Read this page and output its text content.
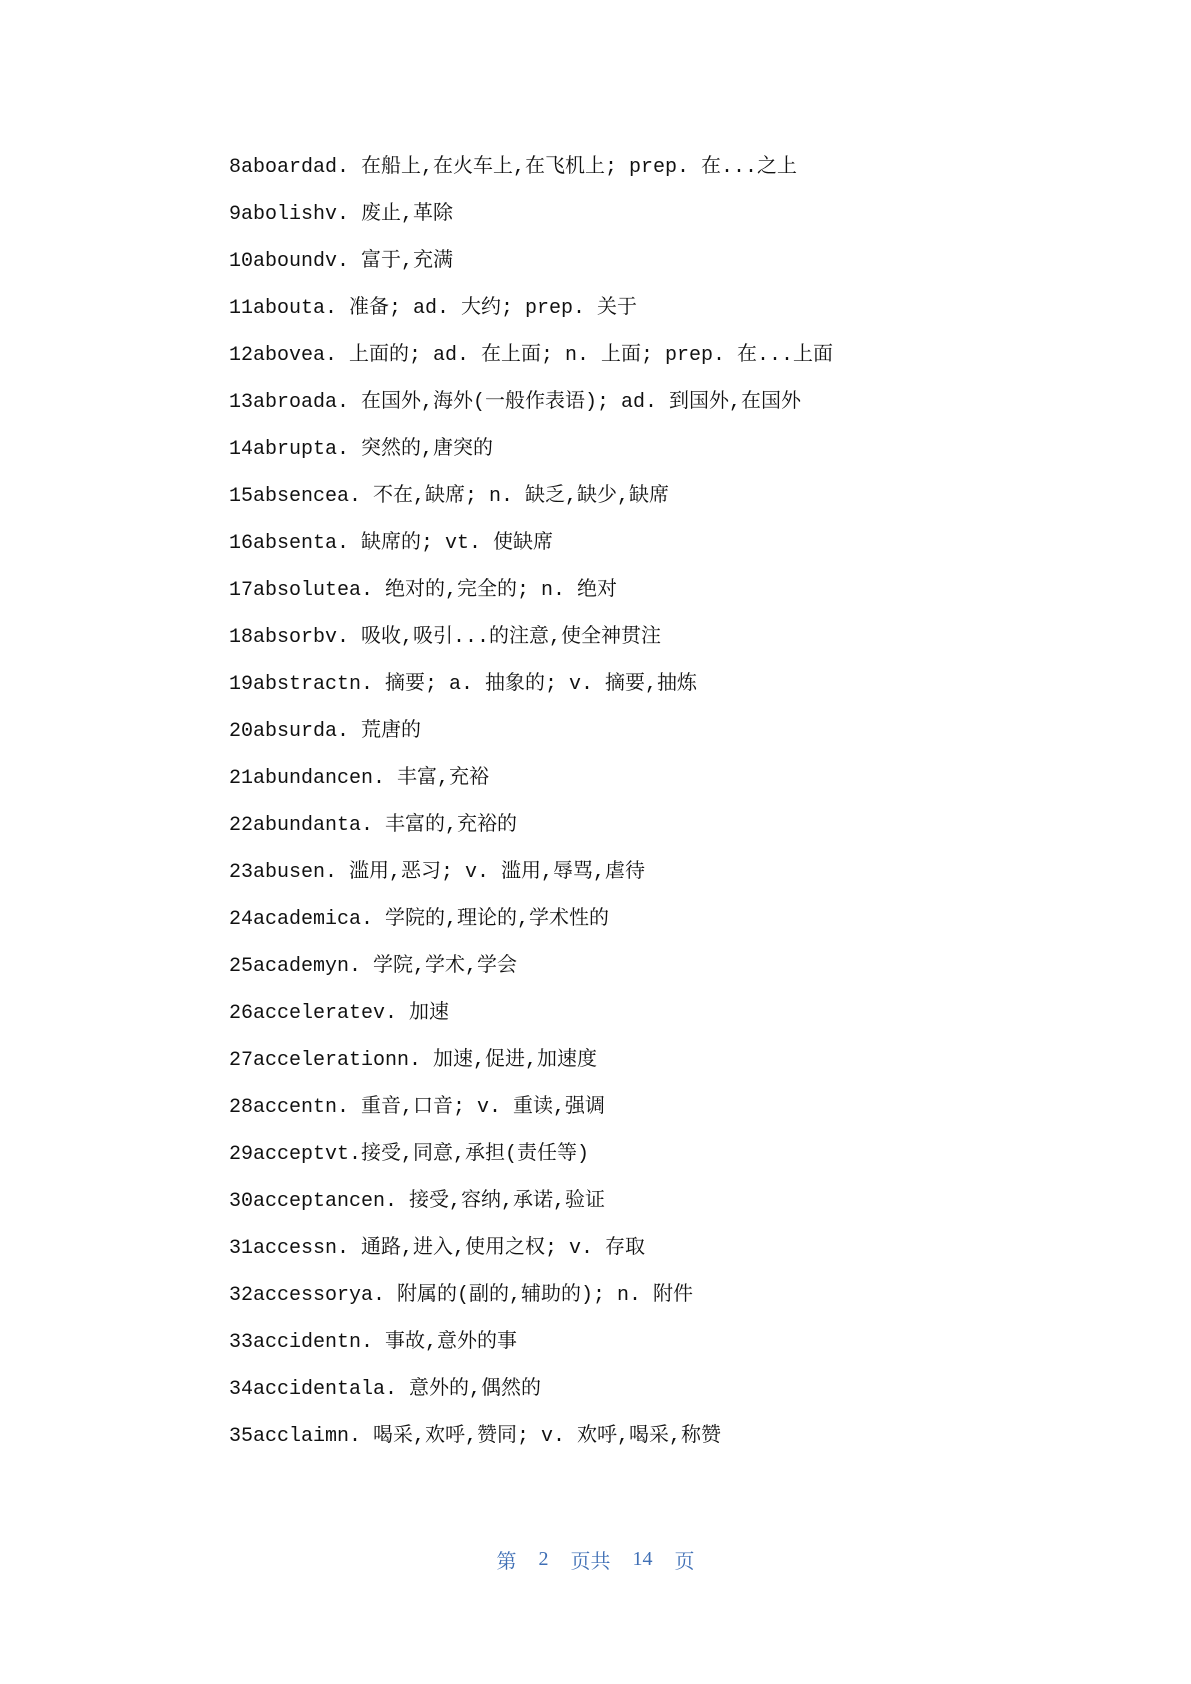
8aboardad. 在船上,在火车上,在飞机上; prep. 在...之上
9abolishv. 废止,革除
10aboundv. 富于,充满
11abouta. 准备; ad. 大约; prep. 关于
12abovea. 上面的; ad. 在上面; n. 上面; prep. 在...上面
13abroada. 在国外,海外(一般作表语); ad. 到国外,在国外
14abrupta. 突然的,唐突的
15absencea. 不在,缺席; n. 缺乏,缺少,缺席
16absenta. 缺席的; vt. 使缺席
17absolutea. 绝对的,完全的; n. 绝对
18absorbv. 吸收,吸引...的注意,使全神贯注
19abstractn. 摘要; a. 抽象的; v. 摘要,抽炼
20absurda. 荒唐的
21abundancen. 丰富,充裕
22abundanta. 丰富的,充裕的
23abusen. 滥用,恶习; v. 滥用,辱骂,虐待
24academica. 学院的,理论的,学术性的
25academyn. 学院,学术,学会
26acceleratev. 加速
27accelerationn. 加速,促进,加速度
28accentn. 重音,口音; v. 重读,强调
29acceptvt.接受,同意,承担(责任等)
30acceptancen. 接受,容纳,承诺,验证
31accessn. 通路,进入,使用之权; v. 存取
32accessorya. 附属的(副的,辅助的); n. 附件
33accidentn. 事故,意外的事
34accidentala. 意外的,偶然的
35acclaimn. 喝采,欢呼,赞同; v. 欢呼,喝采,称赞
第 2 页共 14 页
